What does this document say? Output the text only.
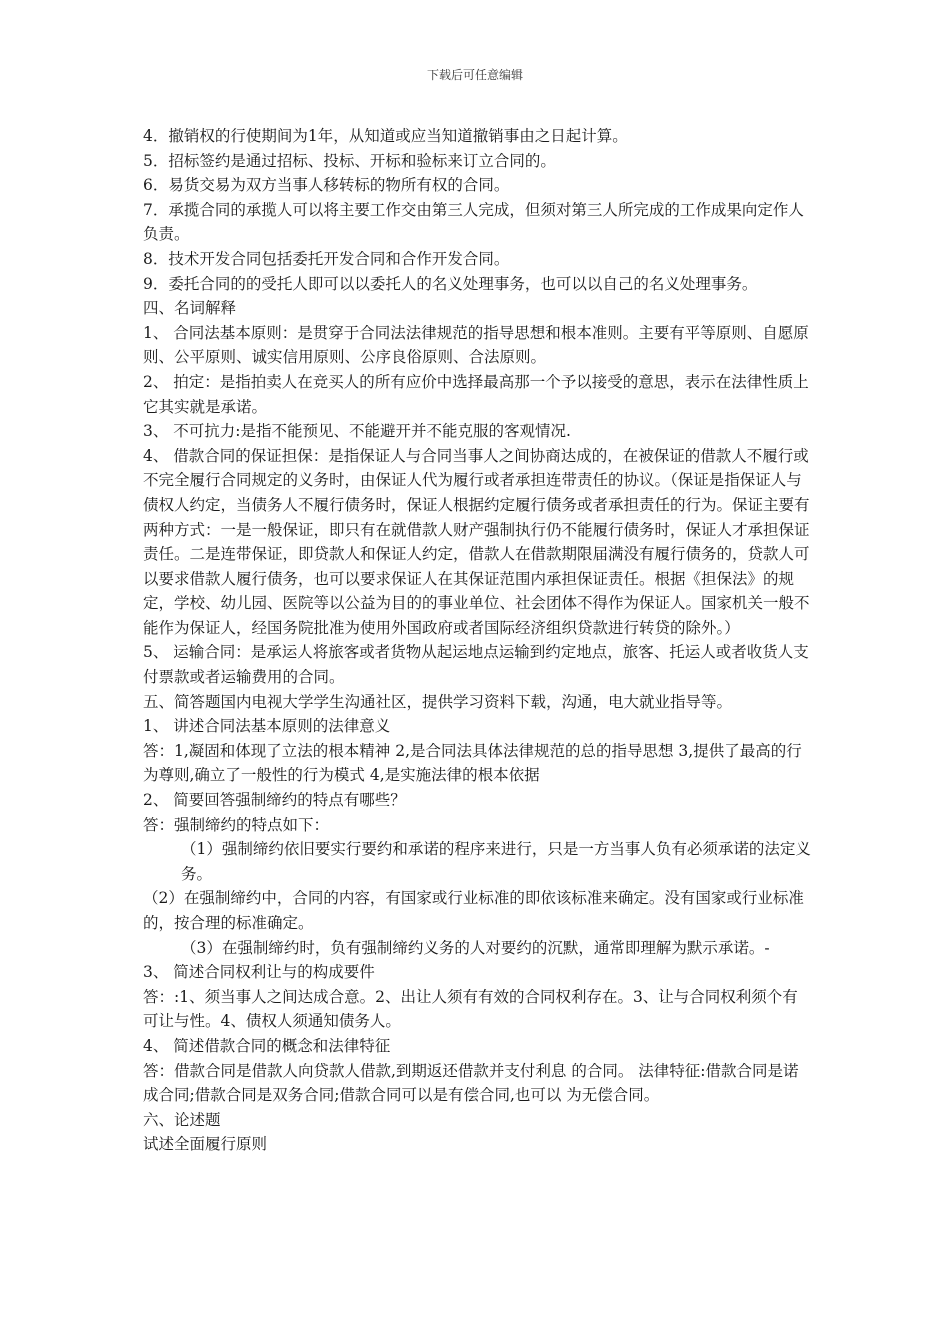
下载后可任意编辑

4．撤销权的行使期间为1年，从知道或应当知道撤销事由之日起计算。

5．招标签约是通过招标、投标、开标和验标来订立合同的。

6．易货交易为双方当事人移转标的物所有权的合同。

7．承揽合同的承揽人可以将主要工作交由第三人完成，但须对第三人所完成的工作成果向定作人负责。

8．技术开发合同包括委托开发合同和合作开发合同。

9．委托合同的的受托人即可以以委托人的名义处理事务，也可以以自己的名义处理事务。

四、名词解释

1、 合同法基本原则：是贯穿于合同法法律规范的指导思想和根本准则。主要有平等原则、自愿原则、公平原则、诚实信用原则、公序良俗原则、合法原则。

2、 拍定：是指拍卖人在竞买人的所有应价中选择最高那一个予以接受的意思，表示在法律性质上它其实就是承诺。

3、 不可抗力:是指不能预见、不能避开并不能克服的客观情况.

4、 借款合同的保证担保：是指保证人与合同当事人之间协商达成的，在被保证的借款人不履行或不完全履行合同规定的义务时，由保证人代为履行或者承担连带责任的协议。（保证是指保证人与债权人约定，当债务人不履行债务时，保证人根据约定履行债务或者承担责任的行为。保证主要有两种方式：一是一般保证，即只有在就借款人财产强制执行仍不能履行债务时，保证人才承担保证责任。二是连带保证，即贷款人和保证人约定，借款人在借款期限届满没有履行债务的，贷款人可以要求借款人履行债务，也可以要求保证人在其保证范围内承担保证责任。根据《担保法》的规定，学校、幼儿园、医院等以公益为目的的事业单位、社会团体不得作为保证人。国家机关一般不能作为保证人，经国务院批准为使用外国政府或者国际经济组织贷款进行转贷的除外。）

5、 运输合同：是承运人将旅客或者货物从起运地点运输到约定地点，旅客、托运人或者收货人支付票款或者运输费用的合同。

五、简答题国内电视大学学生沟通社区，提供学习资料下载，沟通，电大就业指导等。

1、 讲述合同法基本原则的法律意义

答：1,凝固和体现了立法的根本精神 2,是合同法具体法律规范的总的指导思想 3,提供了最高的行为尊则,确立了一般性的行为模式 4,是实施法律的根本依据

2、 简要回答强制缔约的特点有哪些？

答：强制缔约的特点如下：

（1）强制缔约依旧要实行要约和承诺的程序来进行，只是一方当事人负有必须承诺的法定义务。

（2）在强制缔约中，合同的内容，有国家或行业标准的即依该标准来确定。没有国家或行业标准的，按合理的标准确定。

（3）在强制缔约时，负有强制缔约义务的人对要约的沉默，通常即理解为默示承诺。-

3、 简述合同权利让与的构成要件

答：:1、须当事人之间达成合意。2、出让人须有有效的合同权利存在。3、让与合同权利须个有可让与性。4、债权人须通知债务人。

4、 简述借款合同的概念和法律特征

答：借款合同是借款人向贷款人借款,到期返还借款并支付利息 的合同。 法律特征:借款合同是诺成合同;借款合同是双务合同;借款合同可以是有偿合同,也可以 为无偿合同。

六、论述题

试述全面履行原则
